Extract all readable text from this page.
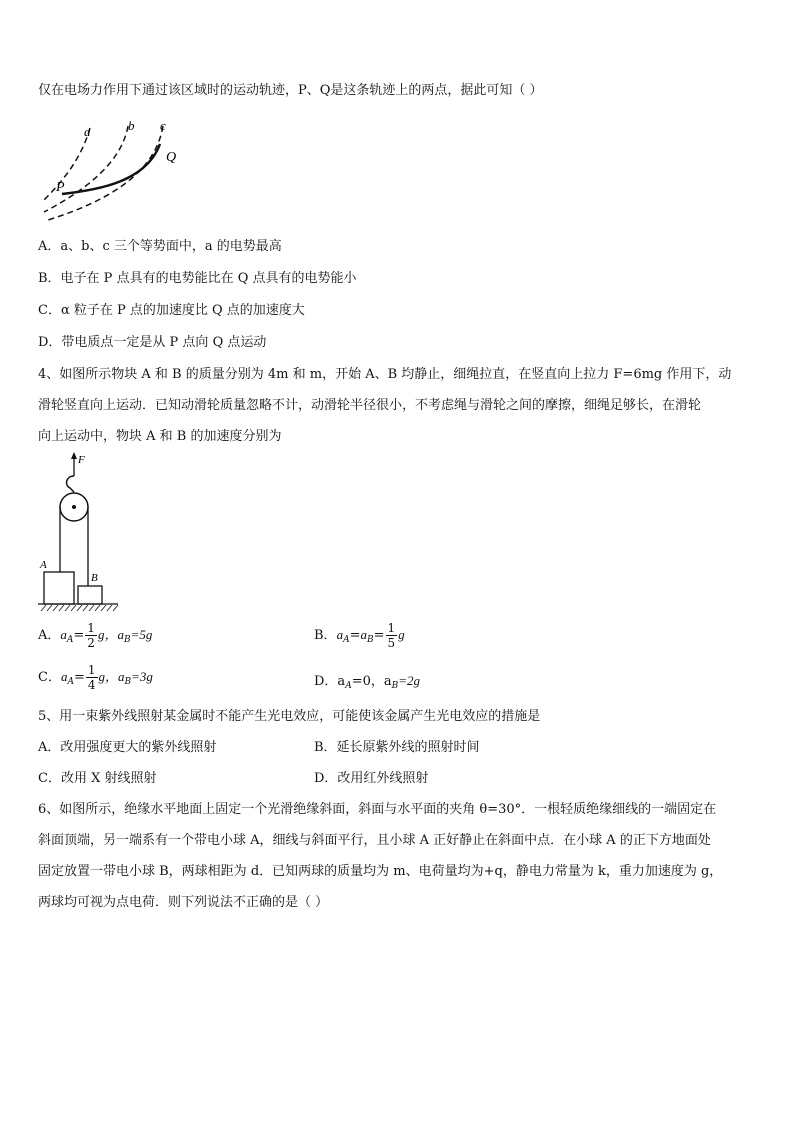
仅在电场力作用下通过该区域时的运动轨迹，P、Q是这条轨迹上的两点，据此可知（ ）
a	b c
Q
P
A．a、b、c 三个等势面中，a 的电势最高
B．电子在 P 点具有的电势能比在 Q 点具有的电势能小
C．α 粒子在 P 点的加速度比 Q 点的加速度大
D．带电质点一定是从 P 点向 Q 点运动
4、如图所示物块 A 和 B 的质量分别为 4m 和 m，开始 A、B 均静止，细绳拉直，在竖直向上拉力 F=6mg 作用下，动
滑轮竖直向上运动．已知动滑轮质量忽略不计，动滑轮半径很小，不考虑绳与滑轮之间的摩擦，细绳足够长，在滑轮
向上运动中，物块 A 和 B 的加速度分别为
F
A
B
A．$a_A= \frac{1}{2}$ g，$a_B=5g$	B．$a_A=a_B= \frac{1}{5}$ g
C．$a_A= \frac{1}{4}$ g，$a_B=3g$	D．$a_A=0$，$a_B=2g$
5、用一束紫外线照射某金属时不能产生光电效应，可能使该金属产生光电效应的措施是
A．改用强度更大的紫外线照射	B．延长原紫外线的照射时间
C．改用 X 射线照射	D．改用红外线照射
6、如图所示，绝缘水平地面上固定一个光滑绝缘斜面，斜面与水平面的夹角 θ=30°．一根轻质绝缘细线的一端固定在
斜面顶端，另一端系有一个带电小球 A，细线与斜面平行，且小球 A 正好静止在斜面中点．在小球 A 的正下方地面处
固定放置一带电小球 B，两球相距为 d．已知两球的质量均为 m、电荷量均为+q，静电力常量为 k，重力加速度为 g，
两球均可视为点电荷．则下列说法不正确的是（ ）
